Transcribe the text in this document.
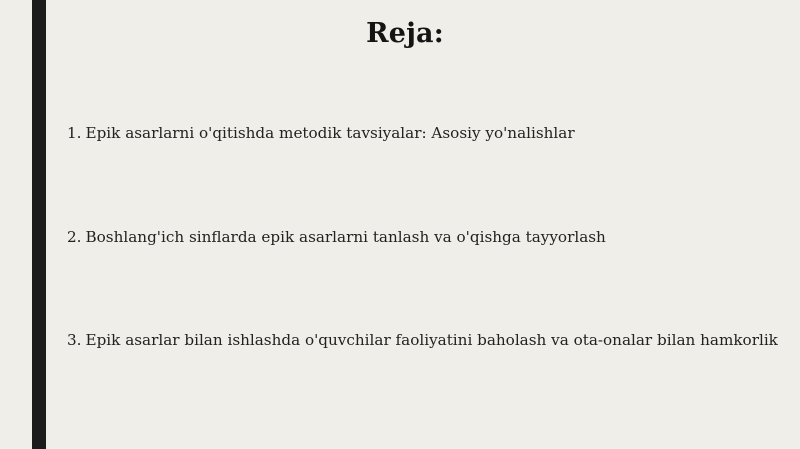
Reja:
1. Epik asarlarni o'qitishda metodik tavsiyalar: Asosiy yo'nalishlar
2. Boshlang'ich sinflarda epik asarlarni tanlash va o'qishga tayyorlash
3. Epik asarlar bilan ishlashda o'quvchilar faoliyatini baholash va ota-onalar bilan hamkorlik
